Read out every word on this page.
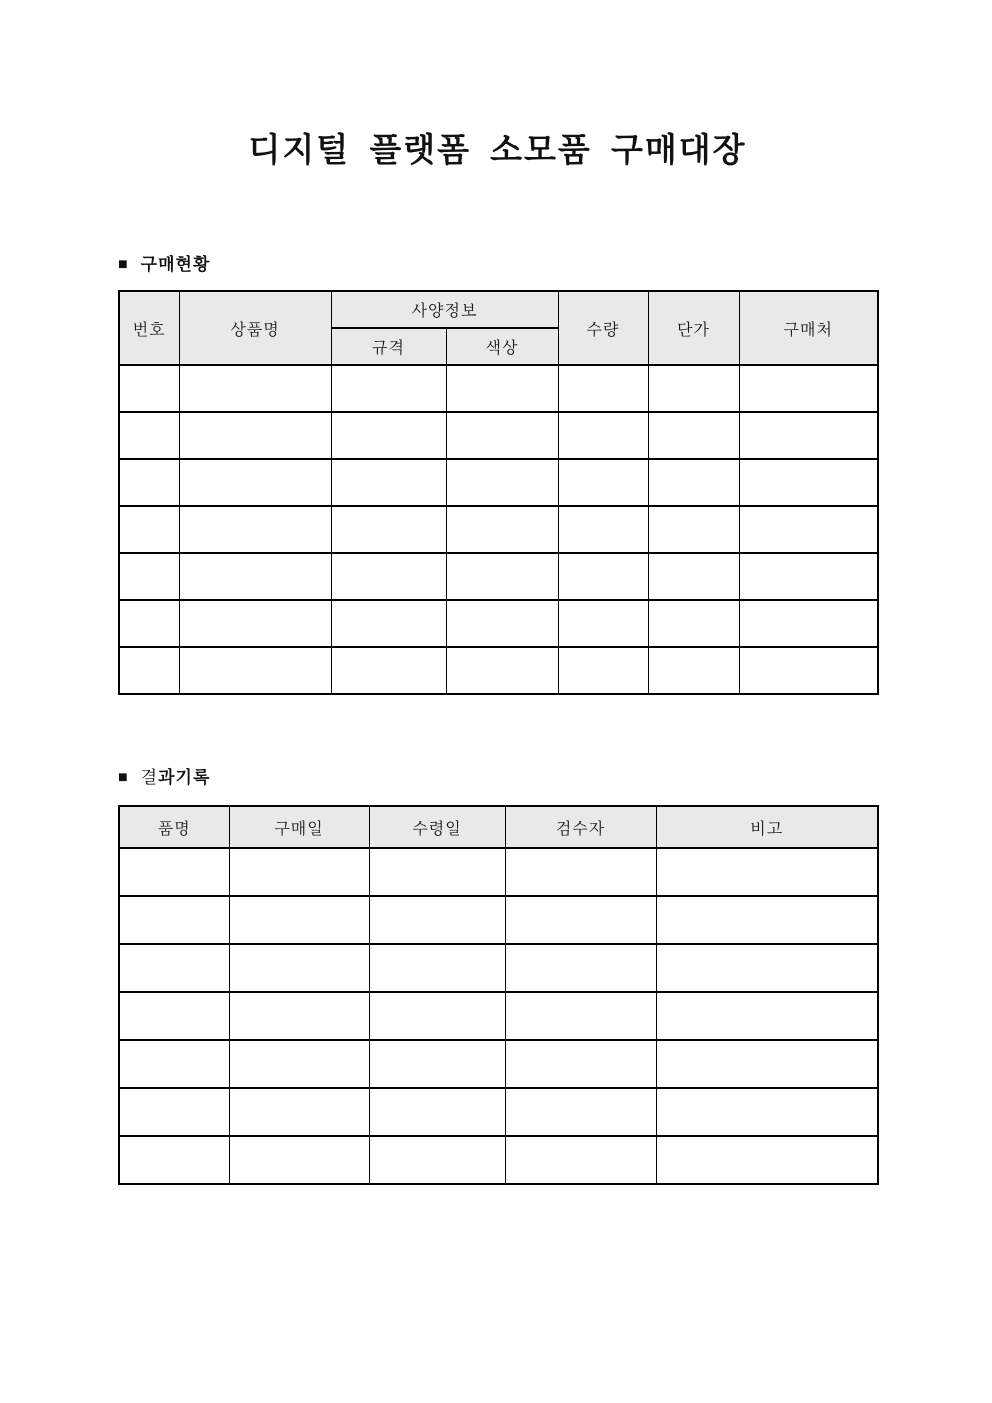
디지털 플랫폼 소모품 구매대장
■ 구매현황
번호	상품명	사양정보		수량	단가	구매처
		규격	색상			

■ 결 과기록
품명	구매일	수령일	검수자	비고
